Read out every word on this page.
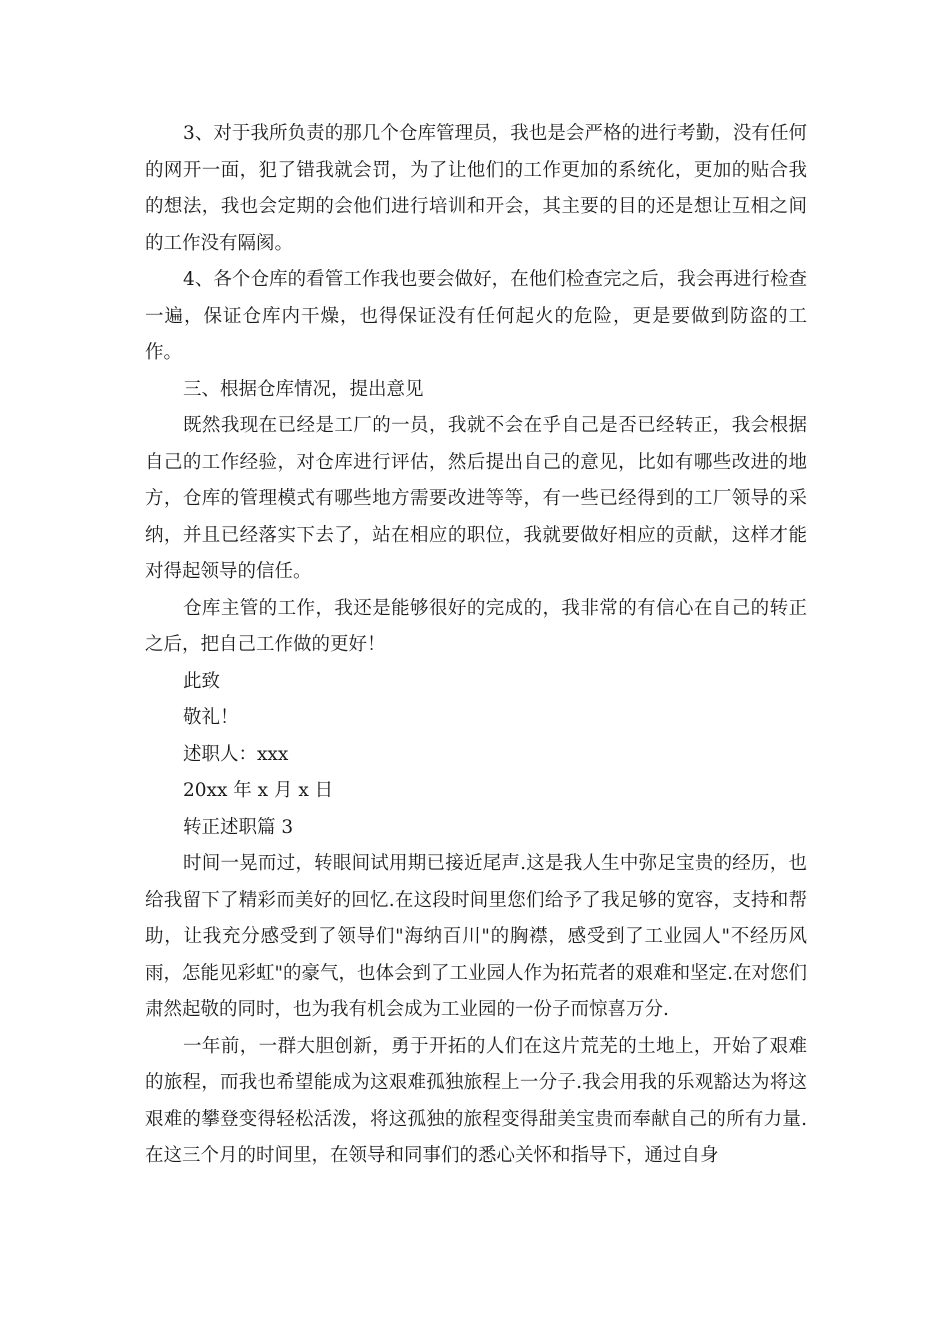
3、对于我所负责的那几个仓库管理员，我也是会严格的进行考勤，没有任何的网开一面，犯了错我就会罚，为了让他们的工作更加的系统化，更加的贴合我的想法，我也会定期的会他们进行培训和开会，其主要的目的还是想让互相之间的工作没有隔阂。

4、各个仓库的看管工作我也要会做好，在他们检查完之后，我会再进行检查一遍，保证仓库内干燥，也得保证没有任何起火的危险，更是要做到防盗的工作。

三、根据仓库情况，提出意见

既然我现在已经是工厂的一员，我就不会在乎自己是否已经转正，我会根据自己的工作经验，对仓库进行评估，然后提出自己的意见，比如有哪些改进的地方，仓库的管理模式有哪些地方需要改进等等，有一些已经得到的工厂领导的采纳，并且已经落实下去了，站在相应的职位，我就要做好相应的贡献，这样才能对得起领导的信任。

仓库主管的工作，我还是能够很好的完成的，我非常的有信心在自己的转正之后，把自己工作做的更好！

此致

敬礼！

述职人：xxx

20xx 年 x 月 x 日

转正述职篇 3

时间一晃而过，转眼间试用期已接近尾声.这是我人生中弥足宝贵的经历，也给我留下了精彩而美好的回忆.在这段时间里您们给予了我足够的宽容，支持和帮助，让我充分感受到了领导们"海纳百川"的胸襟，感受到了工业园人"不经历风雨，怎能见彩虹"的豪气，也体会到了工业园人作为拓荒者的艰难和坚定.在对您们肃然起敬的同时，也为我有机会成为工业园的一份子而惊喜万分.

一年前，一群大胆创新，勇于开拓的人们在这片荒芜的土地上，开始了艰难的旅程，而我也希望能成为这艰难孤独旅程上一分子.我会用我的乐观豁达为将这艰难的攀登变得轻松活泼，将这孤独的旅程变得甜美宝贵而奉献自己的所有力量.在这三个月的时间里，在领导和同事们的悉心关怀和指导下，通过自身
